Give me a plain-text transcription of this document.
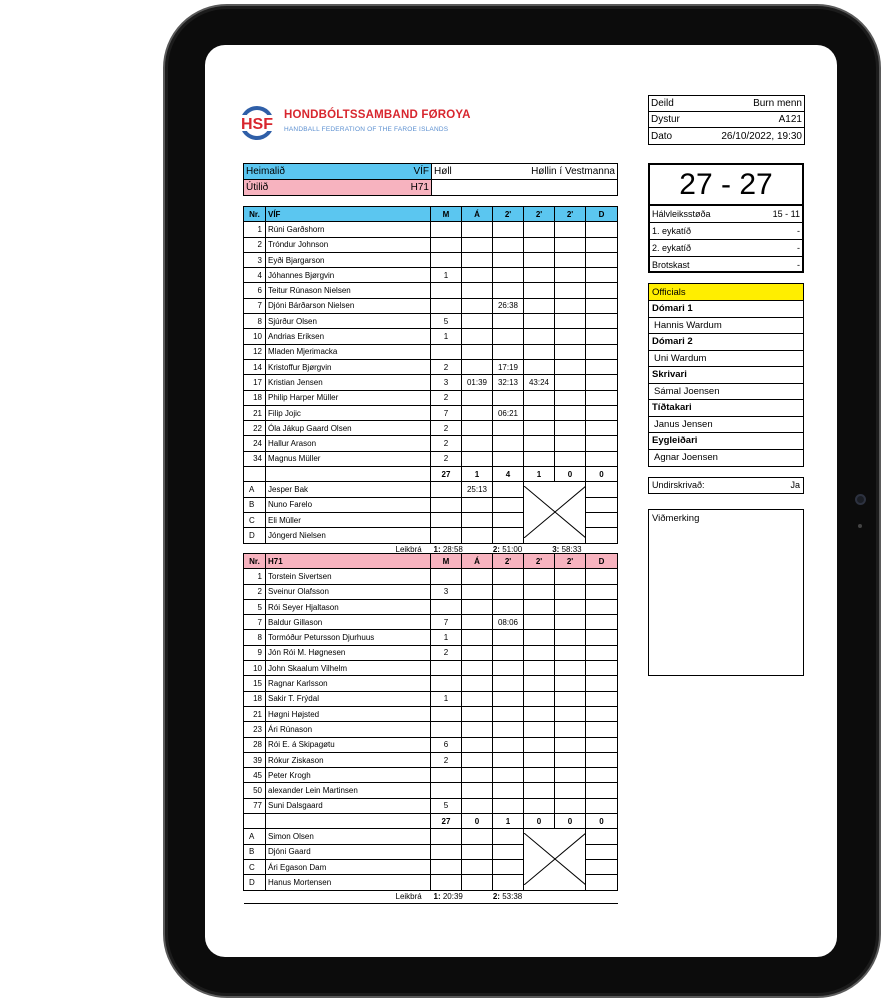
HSF
HONDBÓLTSSAMBAND FØROYA
HANDBALL FEDERATION OF THE FAROE ISLANDS
Deild	Burn menn
Dystur	A121
Dato	26/10/2022, 19:30
Heimalið VÍF	Høll Høllin í Vestmanna

Útilið H71	

Nr.	VÍF	M	Á	2'	2'	2'	D
1	Rúni Garðshorn						
2	Tróndur Johnson						
3	Eyði Bjargarson						
4	Jóhannes Bjørgvin	1					
6	Teitur Rúnason Nielsen						
7	Djóni Bárðarson Nielsen			26:38			
8	Sjúrður Olsen	5					
10	Andrias Eriksen	1					
12	Mladen Mjerimacka						
14	Kristoffur Bjørgvin	2		17:19			
17	Kristian Jensen	3	01:39	32:13	43:24		
18	Philip Harper Müller	2					
21	Filip Jojic	7		06:21			
22	Óla Jákup Gaard Olsen	2					
24	Hallur Arason	2					
34	Magnus Müller	2					
		27	1	4	1	0	0
A	Jesper Bak		25:13		

B	Nuno Farelo						
C	Eli Müller						
D	Jóngerd Nielsen						
Leikbrá 1: 28:58 2: 51:00 3: 58:33							
Nr.	H71	M	Á	2'	2'	2'	D
1	Torstein Sivertsen						
2	Sveinur Olafsson	3					
5	Rói Seyer Hjaltason						
7	Baldur Gillason	7		08:06			
8	Tormóður Petursson Djurhuus	1					
9	Jón Rói M. Høgnesen	2					
10	John Skaalum Vilhelm						
15	Ragnar Karlsson						
18	Sakir T. Frýdal	1					
21	Høgni Højsted						
23	Ári Rúnason						
28	Rói E. á Skipagøtu	6					
39	Rókur Ziskason	2					
45	Peter Krogh						
50	alexander Lein Martinsen						
77	Suni Dalsgaard	5					
		27	0	1	0	0	0
A	Simon Olsen				

B	Djóni Gaard						
C	Ári Egason Dam						
D	Hanus Mortensen						
Leikbrá 1: 20:39 2: 53:38							
27 - 27
Hálvleiksstøða	15 - 11
1. eykatíð	-
2. eykatíð	-
Brotskast	-
Officials
Dómari 1
Hannis Wardum
Dómari 2
Uni Wardum
Skrivari
Sámal Joensen
Tíðtakari
Janus Jensen
Eygleiðari
Agnar Joensen
Undirskrivað:	Ja
Viðmerking
